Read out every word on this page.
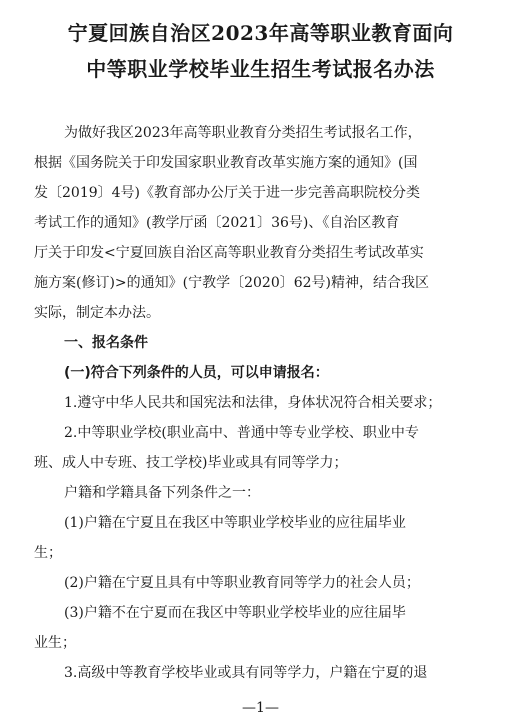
宁夏回族自治区2023年高等职业教育面向
中等职业学校毕业生招生考试报名办法
为做好我区2023年高等职业教育分类招生考试报名工作，
根据《国务院关于印发国家职业教育改革实施方案的通知》(国
发〔2019〕4号)《教育部办公厅关于进一步完善高职院校分类
考试工作的通知》(教学厅函〔2021〕36号)、《自治区教育
厅关于印发<宁夏回族自治区高等职业教育分类招生考试改革实
施方案(修订)>的通知》(宁教学〔2020〕62号)精神，结合我区
实际，制定本办法。
一、报名条件
(一)符合下列条件的人员，可以申请报名：
1.遵守中华人民共和国宪法和法律，身体状况符合相关要求；
2.中等职业学校(职业高中、普通中等专业学校、职业中专
班、成人中专班、技工学校)毕业或具有同等学力；
户籍和学籍具备下列条件之一：
(1)户籍在宁夏且在我区中等职业学校毕业的应往届毕业
生；
(2)户籍在宁夏且具有中等职业教育同等学力的社会人员；
(3)户籍不在宁夏而在我区中等职业学校毕业的应往届毕
业生；
3.高级中等教育学校毕业或具有同等学力，户籍在宁夏的退
—1—
